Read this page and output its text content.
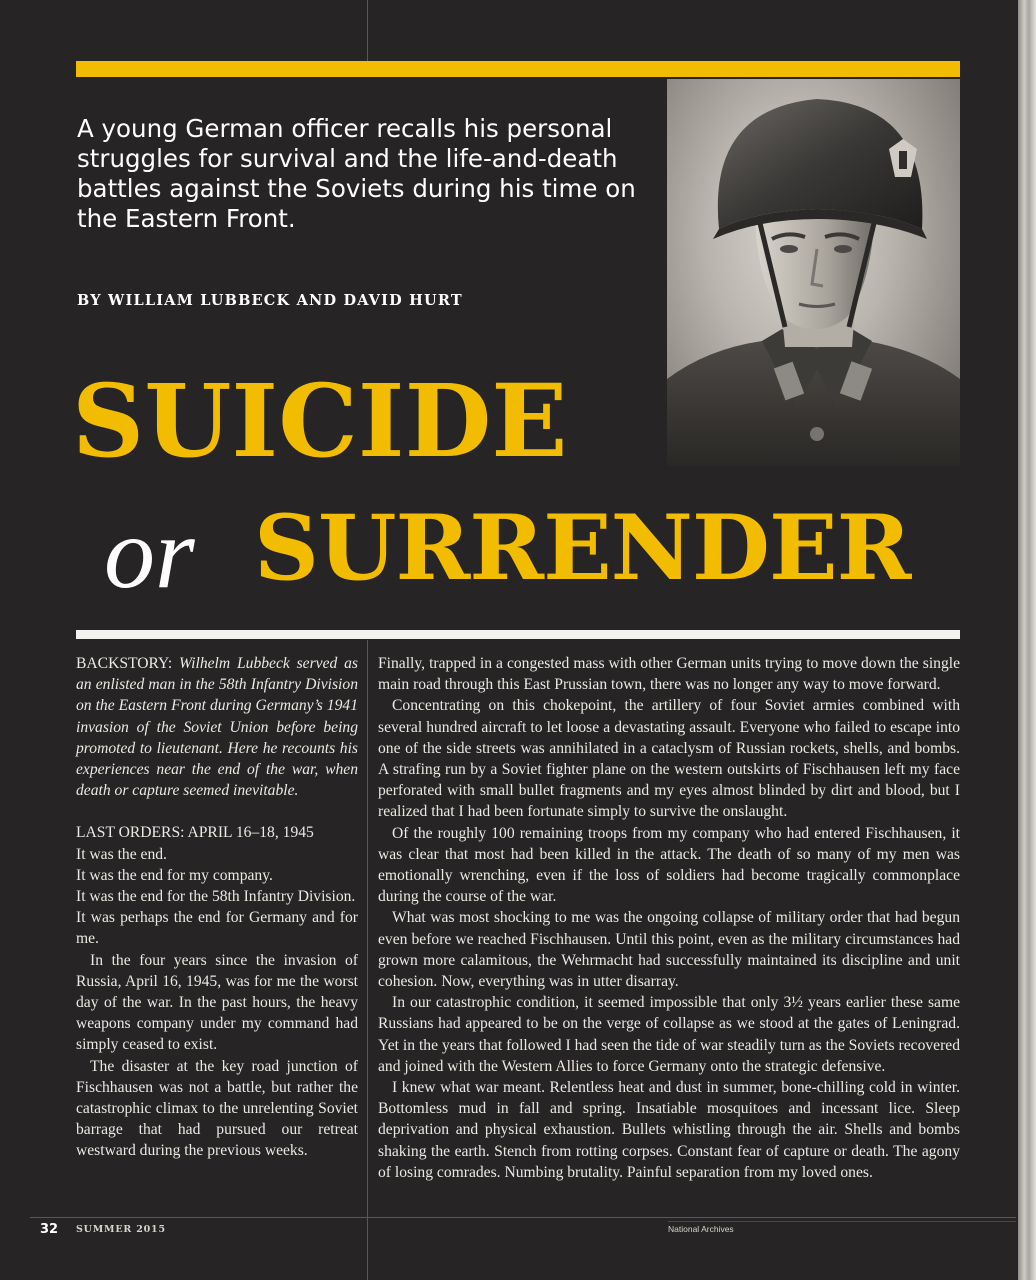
A young German officer recalls his personal struggles for survival and the life-and-death battles against the Soviets during his time on the Eastern Front.
BY WILLIAM LUBBECK AND DAVID HURT
SUICIDE
or SURRENDER

BACKSTORY: Wilhelm Lubbeck served as an enlisted man in the 58th Infantry Division on the Eastern Front during Germany’s 1941 invasion of the Soviet Union before being promoted to lieutenant. Here he recounts his experiences near the end of the war, when death or capture seemed inevitable.

LAST ORDERS: APRIL 16–18, 1945

It was the end.

It was the end for my company.

It was the end for the 58th Infantry Division.

It was perhaps the end for Germany and for me.

In the four years since the invasion of Russia, April 16, 1945, was for me the worst day of the war. In the past hours, the heavy weapons company under my command had simply ceased to exist.

The disaster at the key road junction of Fischhausen was not a battle, but rather the catastrophic climax to the unrelenting Soviet barrage that had pursued our retreat westward during the previous weeks.

Finally, trapped in a congested mass with other German units trying to move down the single main road through this East Prussian town, there was no longer any way to move forward.

Concentrating on this chokepoint, the artillery of four Soviet armies combined with several hundred aircraft to let loose a devastating assault. Everyone who failed to escape into one of the side streets was annihilated in a cataclysm of Russian rockets, shells, and bombs. A strafing run by a Soviet fighter plane on the western outskirts of Fischhausen left my face perforated with small bullet fragments and my eyes almost blinded by dirt and blood, but I realized that I had been fortunate simply to survive the onslaught.

Of the roughly 100 remaining troops from my company who had entered Fischhausen, it was clear that most had been killed in the attack. The death of so many of my men was emotionally wrenching, even if the loss of soldiers had become tragically commonplace during the course of the war.

What was most shocking to me was the ongoing collapse of military order that had begun even before we reached Fischhausen. Until this point, even as the military circumstances had grown more calamitous, the Wehrmacht had successfully maintained its discipline and unit cohesion. Now, everything was in utter disarray.

In our catastrophic condition, it seemed impossible that only 3½ years earlier these same Russians had appeared to be on the verge of collapse as we stood at the gates of Leningrad. Yet in the years that followed I had seen the tide of war steadily turn as the Soviets recovered and joined with the Western Allies to force Germany onto the strategic defensive.

I knew what war meant. Relentless heat and dust in summer, bone-chilling cold in winter. Bottomless mud in fall and spring. Insatiable mosquitoes and incessant lice. Sleep deprivation and physical exhaustion. Bullets whistling through the air. Shells and bombs shaking the earth. Stench from rotting corpses. Constant fear of capture or death. The agony of losing comrades. Numbing brutality. Painful separation from my loved ones.

32 SUMMER 2015	National Archives
